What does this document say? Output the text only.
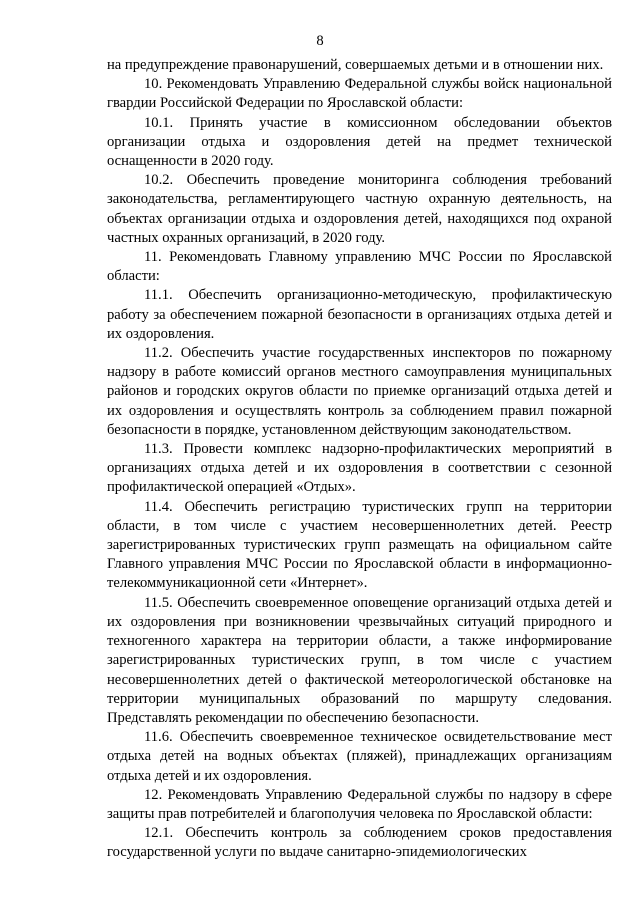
8

на предупреждение правонарушений, совершаемых детьми и в отношении них.

10. Рекомендовать Управлению Федеральной службы войск национальной гвардии Российской Федерации по Ярославской области:

10.1. Принять участие в комиссионном обследовании объектов организации отдыха и оздоровления детей на предмет технической оснащенности в 2020 году.

10.2. Обеспечить проведение мониторинга соблюдения требований законодательства, регламентирующего частную охранную деятельность, на объектах организации отдыха и оздоровления детей, находящихся под охраной частных охранных организаций, в 2020 году.

11. Рекомендовать Главному управлению МЧС России по Ярославской области:

11.1. Обеспечить организационно-методическую, профилактическую работу за обеспечением пожарной безопасности в организациях отдыха детей и их оздоровления.

11.2. Обеспечить участие государственных инспекторов по пожарному надзору в работе комиссий органов местного самоуправления муниципальных районов и городских округов области по приемке организаций отдыха детей и их оздоровления и осуществлять контроль за соблюдением правил пожарной безопасности в порядке, установленном действующим законодательством.

11.3. Провести комплекс надзорно-профилактических мероприятий в организациях отдыха детей и их оздоровления в соответствии с сезонной профилактической операцией «Отдых».

11.4. Обеспечить регистрацию туристических групп на территории области, в том числе с участием несовершеннолетних детей. Реестр зарегистрированных туристических групп размещать на официальном сайте Главного управления МЧС России по Ярославской области в информационно-телекоммуникационной сети «Интернет».

11.5. Обеспечить своевременное оповещение организаций отдыха детей и их оздоровления при возникновении чрезвычайных ситуаций природного и техногенного характера на территории области, а также информирование зарегистрированных туристических групп, в том числе с участием несовершеннолетних детей о фактической метеорологической обстановке на территории муниципальных образований по маршруту следования. Представлять рекомендации по обеспечению безопасности.

11.6. Обеспечить своевременное техническое освидетельствование мест отдыха детей на водных объектах (пляжей), принадлежащих организациям отдыха детей и их оздоровления.

12. Рекомендовать Управлению Федеральной службы по надзору в сфере защиты прав потребителей и благополучия человека по Ярославской области:

12.1. Обеспечить контроль за соблюдением сроков предоставления государственной услуги по выдаче санитарно-эпидемиологических
